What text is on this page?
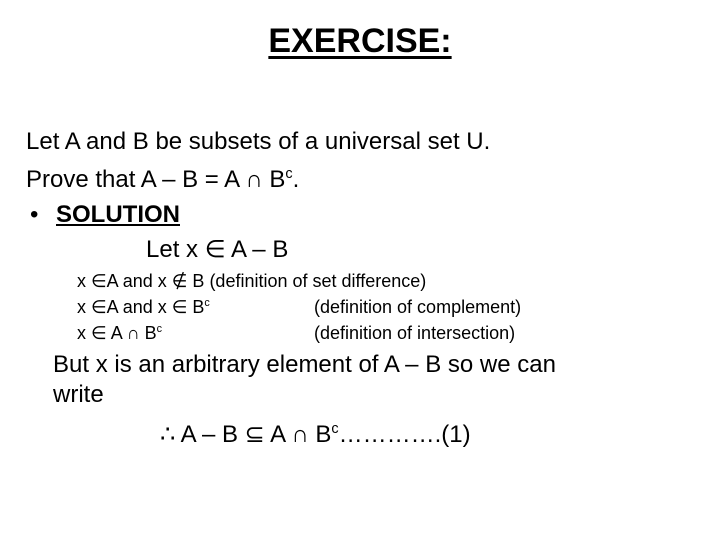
EXERCISE:
Let A and B be subsets of a universal set U.
Prove that A – B = A ∩ $B^c$.
• SOLUTION
Let x ∈ A – B
x ∈A and x ∉ B (definition of set difference)
x ∈A and x ∈ $B^c$	(definition of complement)
x ∈ A ∩ $B^c$	(definition of intersection)
But x is an arbitrary element of A – B so we can
write
∴ A – B ⊆ A ∩ $B^c\dots\dots\dots\dots.(1)$
